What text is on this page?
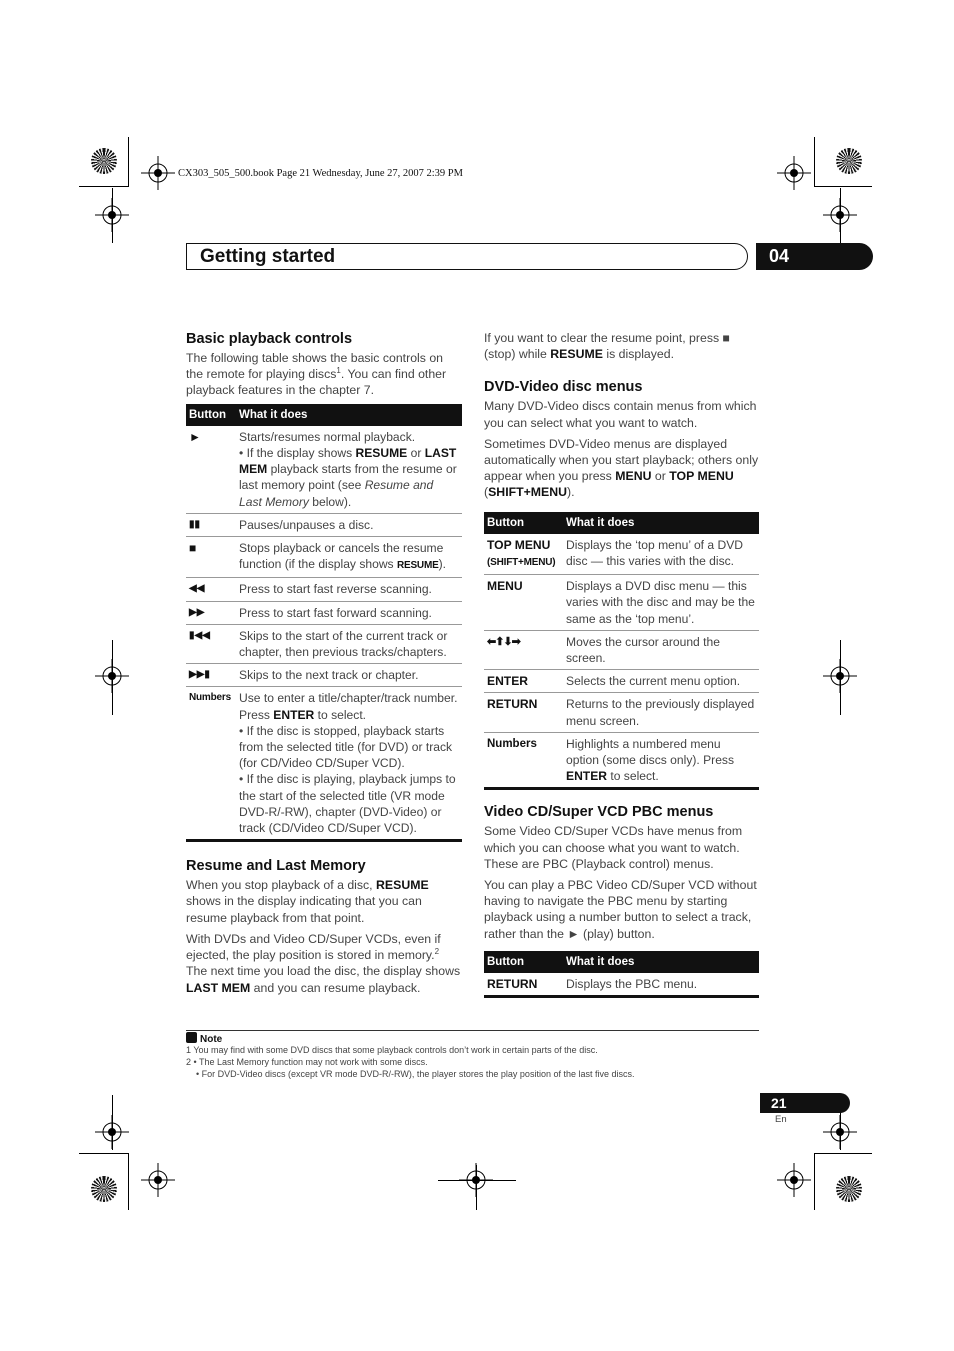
CX303_505_500.book Page 21 Wednesday, June 27, 2007 2:39 PM
Getting started	04
Basic playback controls

The following table shows the basic controls on the remote for playing discs$^1$. You can find other playback features in the chapter 7.

Button	What it does
►	Starts/resumes normal playback.
• If the display shows RESUME or LAST MEM playback starts from the resume or last memory point (see Resume and Last Memory below).
▮▮	Pauses/unpauses a disc.
■	Stops playback or cancels the resume function (if the display shows RESUME).
◀◀	Press to start fast reverse scanning.
▶▶	Press to start fast forward scanning.
▮◀◀	Skips to the start of the current track or chapter, then previous tracks/chapters.
▶▶▮	Skips to the next track or chapter.
Numbers	Use to enter a title/chapter/track number. Press ENTER to select.
• If the disc is stopped, playback starts from the selected title (for DVD) or track (for CD/Video CD/Super VCD).
• If the disc is playing, playback jumps to the start of the selected title (VR mode DVD-R/-RW), chapter (DVD-Video) or track (CD/Video CD/Super VCD).
Resume and Last Memory

When you stop playback of a disc, RESUME shows in the display indicating that you can resume playback from that point.

With DVDs and Video CD/Super VCDs, even if ejected, the play position is stored in memory.$^2$ The next time you load the disc, the display shows LAST MEM and you can resume playback.

If you want to clear the resume point, press ■ (stop) while RESUME is displayed.

DVD-Video disc menus

Many DVD-Video discs contain menus from which you can select what you want to watch.

Sometimes DVD-Video menus are displayed automatically when you start playback; others only appear when you press MENU or TOP MENU (SHIFT+MENU).

Button	What it does
TOP MENU
(SHIFT+MENU)	Displays the ‘top menu’ of a DVD disc — this varies with the disc.
MENU	Displays a DVD disc menu — this varies with the disc and may be the same as the ‘top menu’.
⬅⬆⬇➡	Moves the cursor around the screen.
ENTER	Selects the current menu option.
RETURN	Returns to the previously displayed menu screen.
Numbers	Highlights a numbered menu option (some discs only). Press ENTER to select.
Video CD/Super VCD PBC menus

Some Video CD/Super VCDs have menus from which you can choose what you want to watch. These are PBC (Playback control) menus.

You can play a PBC Video CD/Super VCD without having to navigate the PBC menu by starting playback using a number button to select a track, rather than the ► (play) button.

Button	What it does
RETURN	Displays the PBC menu.
Note
1 You may find with some DVD discs that some playback controls don’t work in certain parts of the disc.
2 • The Last Memory function may not work with some discs.
• For DVD-Video discs (except VR mode DVD-R/-RW), the player stores the play position of the last five discs.
21
En
